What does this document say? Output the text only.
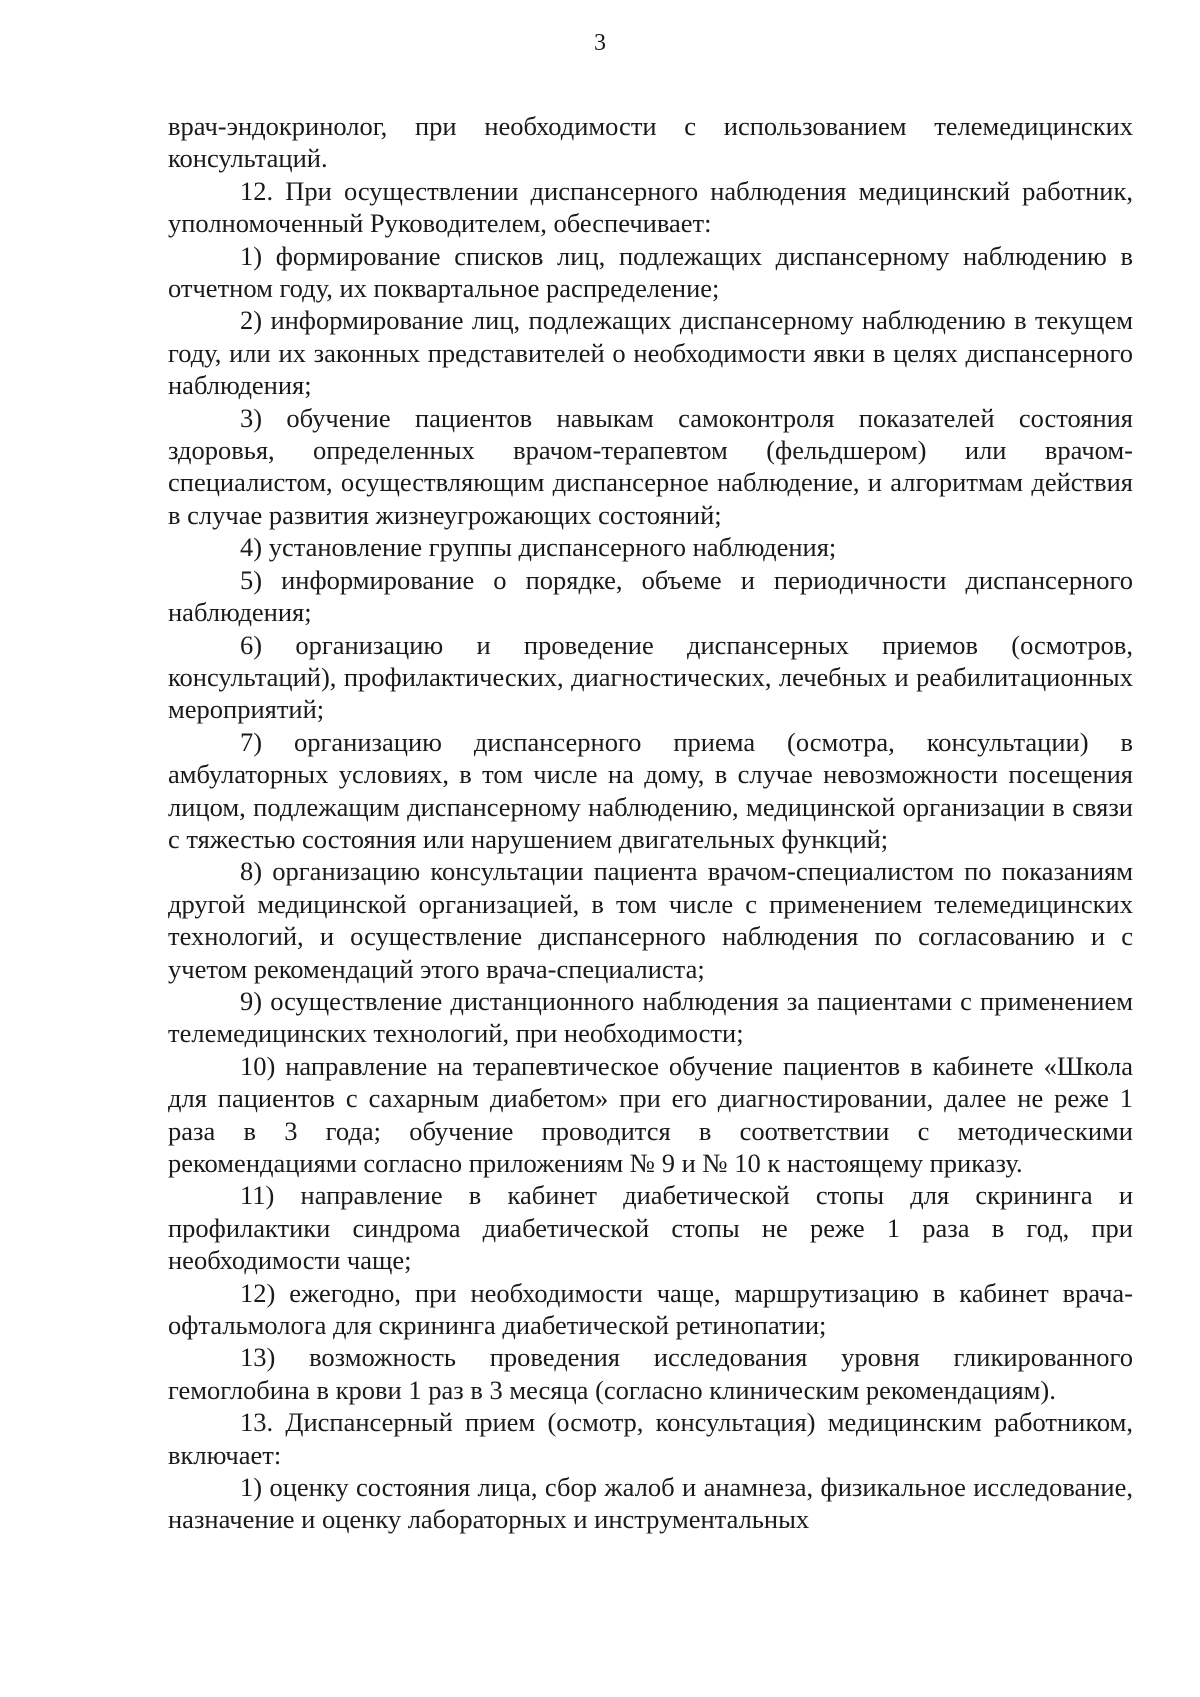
3

врач-эндокринолог, при необходимости с использованием телемедицинских консультаций.

12. При осуществлении диспансерного наблюдения медицинский работник, уполномоченный Руководителем, обеспечивает:

1) формирование списков лиц, подлежащих диспансерному наблюдению в отчетном году, их поквартальное распределение;

2) информирование лиц, подлежащих диспансерному наблюдению в текущем году, или их законных представителей о необходимости явки в целях диспансерного наблюдения;

3) обучение пациентов навыкам самоконтроля показателей состояния здоровья, определенных врачом-терапевтом (фельдшером) или врачом-специалистом, осуществляющим диспансерное наблюдение, и алгоритмам действия в случае развития жизнеугрожающих состояний;

4) установление группы диспансерного наблюдения;

5) информирование о порядке, объеме и периодичности диспансерного наблюдения;

6) организацию и проведение диспансерных приемов (осмотров, консультаций), профилактических, диагностических, лечебных и реабилитационных мероприятий;

7) организацию диспансерного приема (осмотра, консультации) в амбулаторных условиях, в том числе на дому, в случае невозможности посещения лицом, подлежащим диспансерному наблюдению, медицинской организации в связи с тяжестью состояния или нарушением двигательных функций;

8) организацию консультации пациента врачом-специалистом по показаниям другой медицинской организацией, в том числе с применением телемедицинских технологий, и осуществление диспансерного наблюдения по согласованию и с учетом рекомендаций этого врача-специалиста;

9) осуществление дистанционного наблюдения за пациентами с применением телемедицинских технологий, при необходимости;

10) направление на терапевтическое обучение пациентов в кабинете «Школа для пациентов с сахарным диабетом» при его диагностировании, далее не реже 1 раза в 3 года; обучение проводится в соответствии с методическими рекомендациями согласно приложениям № 9 и № 10 к настоящему приказу.

11) направление в кабинет диабетической стопы для скрининга и профилактики синдрома диабетической стопы не реже 1 раза в год, при необходимости чаще;

12) ежегодно, при необходимости чаще, маршрутизацию в кабинет врача-офтальмолога для скрининга диабетической ретинопатии;

13) возможность проведения исследования уровня гликированного гемоглобина в крови 1 раз в 3 месяца (согласно клиническим рекомендациям).

13. Диспансерный прием (осмотр, консультация) медицинским работником, включает:

1) оценку состояния лица, сбор жалоб и анамнеза, физикальное исследование, назначение и оценку лабораторных и инструментальных
